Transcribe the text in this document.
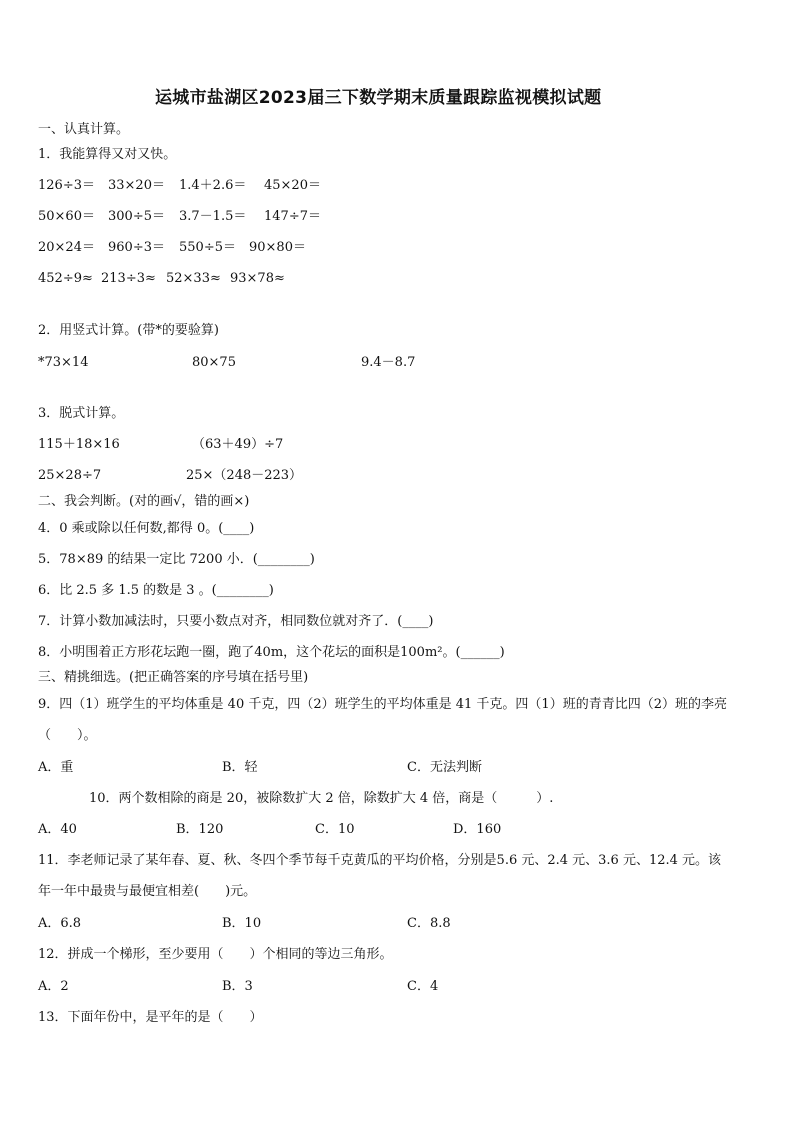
运城市盐湖区2023届三下数学期末质量跟踪监视模拟试题
一、认真计算。
1．我能算得又对又快。
126÷3＝ 33×20＝ 1.4＋2.6＝ 45×20＝
50×60＝ 300÷5＝ 3.7－1.5＝ 147÷7＝
20×24＝ 960÷3＝ 550÷5＝ 90×80＝
452÷9≈ 213÷3≈ 52×33≈ 93×78≈
2．用竖式计算。(带*的要验算)
*73×14	80×75	9.4－8.7
3．脱式计算。
115＋18×16	（63＋49）÷7
25×28÷7	25×（248－223）
二、我会判断。(对的画√，错的画×)
4．0 乘或除以任何数,都得 0。(____)
5．78×89 的结果一定比 7200 小．(________)
6．比 2.5 多 1.5 的数是 3 。(________)
7．计算小数加减法时，只要小数点对齐，相同数位就对齐了．(____)
8．小明围着正方形花坛跑一圈，跑了40m，这个花坛的面积是100m²。(______)
三、精挑细选。(把正确答案的序号填在括号里)
9．四（1）班学生的平均体重是 40 千克，四（2）班学生的平均体重是 41 千克。四（1）班的青青比四（2）班的李亮
（　　）。
A．重	B．轻	C．无法判断
10．两个数相除的商是 20，被除数扩大 2 倍，除数扩大 4 倍，商是（　　　）.
A．40	B．120	C．10	D．160
11．李老师记录了某年春、夏、秋、冬四个季节每千克黄瓜的平均价格，分别是5.6 元、2.4 元、3.6 元、12.4 元。该
年一年中最贵与最便宜相差(　　)元。
A．6.8	B．10	C．8.8
12．拼成一个梯形，至少要用（　　）个相同的等边三角形。
A．2	B．3	C．4
13．下面年份中，是平年的是（　　）
